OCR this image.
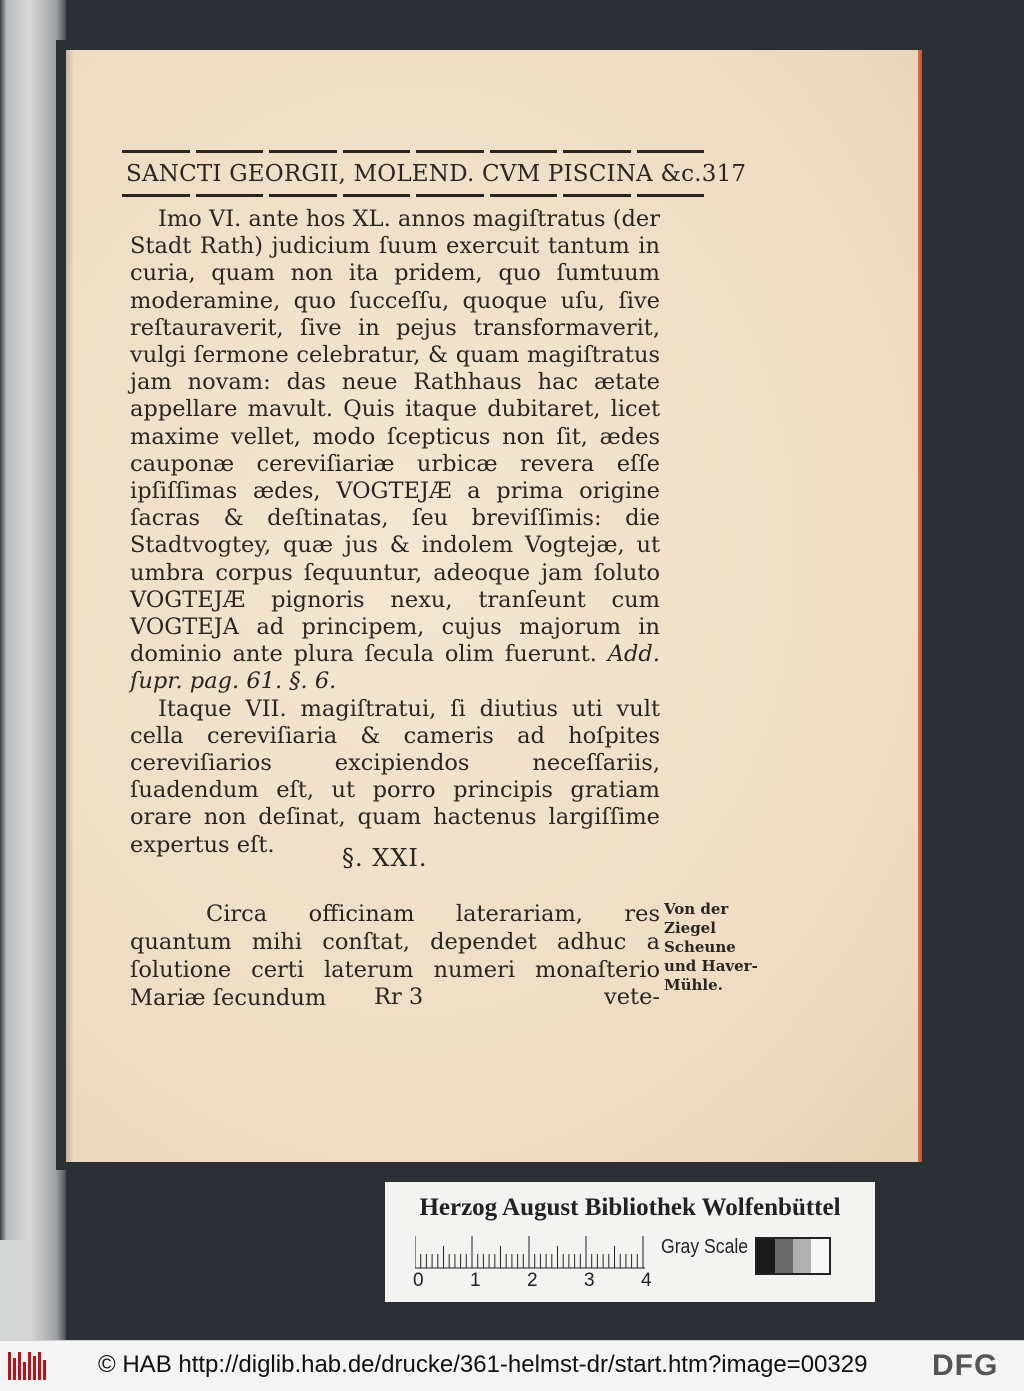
SANCTI GEORGII, MOLEND. CVM PISCINA &c. 317

Imo VI. ante hos XL. annos magiſtratus (der Stadt Rath) judicium ſuum exercuit tantum in curia, quam non ita pridem, quo ſumtuum moderamine, quo ſucceſſu, quoque uſu, ſive reſtauraverit, ſive in pejus transformaverit, vulgi ſermone celebratur, & quam magiſtratus jam novam: das neue Rathhaus hac ætate appellare mavult. Quis itaque dubitaret, licet maxime vellet, modo ſcepticus non ſit, ædes cauponæ cereviſiariæ urbicæ revera eſſe ipſiſſimas ædes, VOGTEJÆ a prima origine ſacras & deſtinatas, ſeu breviſſimis: die Stadtvogtey, quæ jus & indolem Vogtejæ, ut umbra corpus ſequuntur, adeoque jam ſoluto VOGTEJÆ pignoris nexu, tranſeunt cum VOGTEJA ad principem, cujus majorum in dominio ante plura ſecula olim fuerunt. Add. ſupr. pag. 61. §. 6.

Itaque VII. magiſtratui, ſi diutius uti vult cella cereviſiaria & cameris ad hoſpites cereviſiarios excipiendos neceſſariis, ſuadendum eſt, ut porro principis gratiam orare non deſinat, quam hactenus largiſſime expertus eſt.	§. XXI.

Circa officinam laterariam, res quantum mihi conſtat, dependet adhuc a ſolutione certi laterum numeri monaſterio Mariæ ſecundum

Von der Ziegel Scheune und Haver-Mühle.
Rr 3	vete-
Herzog August Bibliothek Wolfenbüttel
0 1 2 3 4
Gray Scale
© HAB http://diglib.hab.de/drucke/361-helmst-dr/start.htm?image=00329 DFG
